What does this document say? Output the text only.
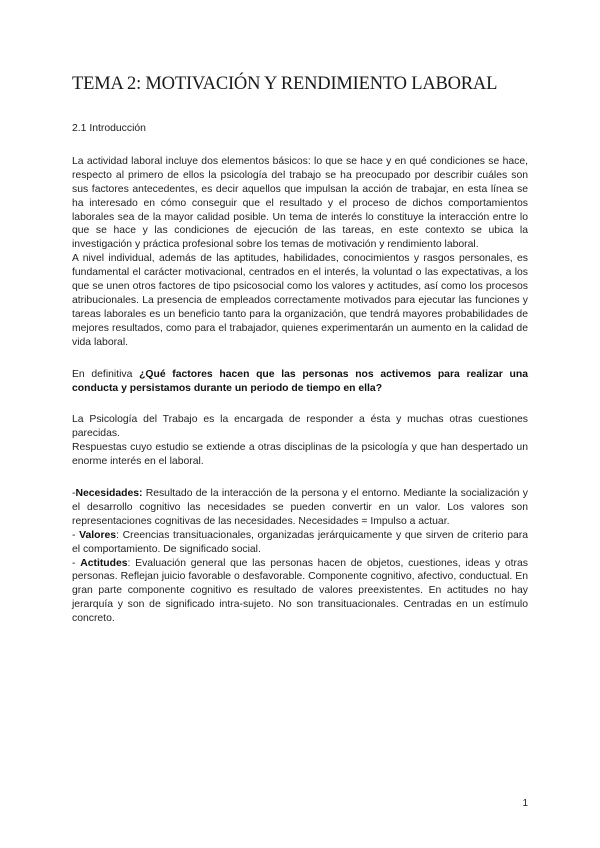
TEMA 2: MOTIVACIÓN Y RENDIMIENTO LABORAL

2.1 Introducción

La actividad laboral incluye dos elementos básicos: lo que se hace y en qué condiciones se hace, respecto al primero de ellos la psicología del trabajo se ha preocupado por describir cuáles son sus factores antecedentes, es decir aquellos que impulsan la acción de trabajar, en esta línea se ha interesado en cómo conseguir que el resultado y el proceso de dichos comportamientos laborales sea de la mayor calidad posible. Un tema de interés lo constituye la interacción entre lo que se hace y las condiciones de ejecución de las tareas, en este contexto se ubica la investigación y práctica profesional sobre los temas de motivación y rendimiento laboral.

A nivel individual, además de las aptitudes, habilidades, conocimientos y rasgos personales, es fundamental el carácter motivacional, centrados en el interés, la voluntad o las expectativas, a los que se unen otros factores de tipo psicosocial como los valores y actitudes, así como los procesos atribucionales. La presencia de empleados correctamente motivados para ejecutar las funciones y tareas laborales es un beneficio tanto para la organización, que tendrá mayores probabilidades de mejores resultados, como para el trabajador, quienes experimentarán un aumento en la calidad de vida laboral.

En definitiva ¿Qué factores hacen que las personas nos activemos para realizar una conducta y persistamos durante un periodo de tiempo en ella?

La Psicología del Trabajo es la encargada de responder a ésta y muchas otras cuestiones parecidas.

Respuestas cuyo estudio se extiende a otras disciplinas de la psicología y que han despertado un enorme interés en el laboral.

-Necesidades: Resultado de la interacción de la persona y el entorno. Mediante la socialización y el desarrollo cognitivo las necesidades se pueden convertir en un valor. Los valores son representaciones cognitivas de las necesidades. Necesidades = Impulso a actuar.

- Valores: Creencias transituacionales, organizadas jerárquicamente y que sirven de criterio para el comportamiento. De significado social.

- Actitudes: Evaluación general que las personas hacen de objetos, cuestiones, ideas y otras personas. Reflejan juicio favorable o desfavorable. Componente cognitivo, afectivo, conductual. En gran parte componente cognitivo es resultado de valores preexistentes. En actitudes no hay jerarquía y son de significado intra-sujeto. No son transituacionales. Centradas en un estímulo concreto.

1
